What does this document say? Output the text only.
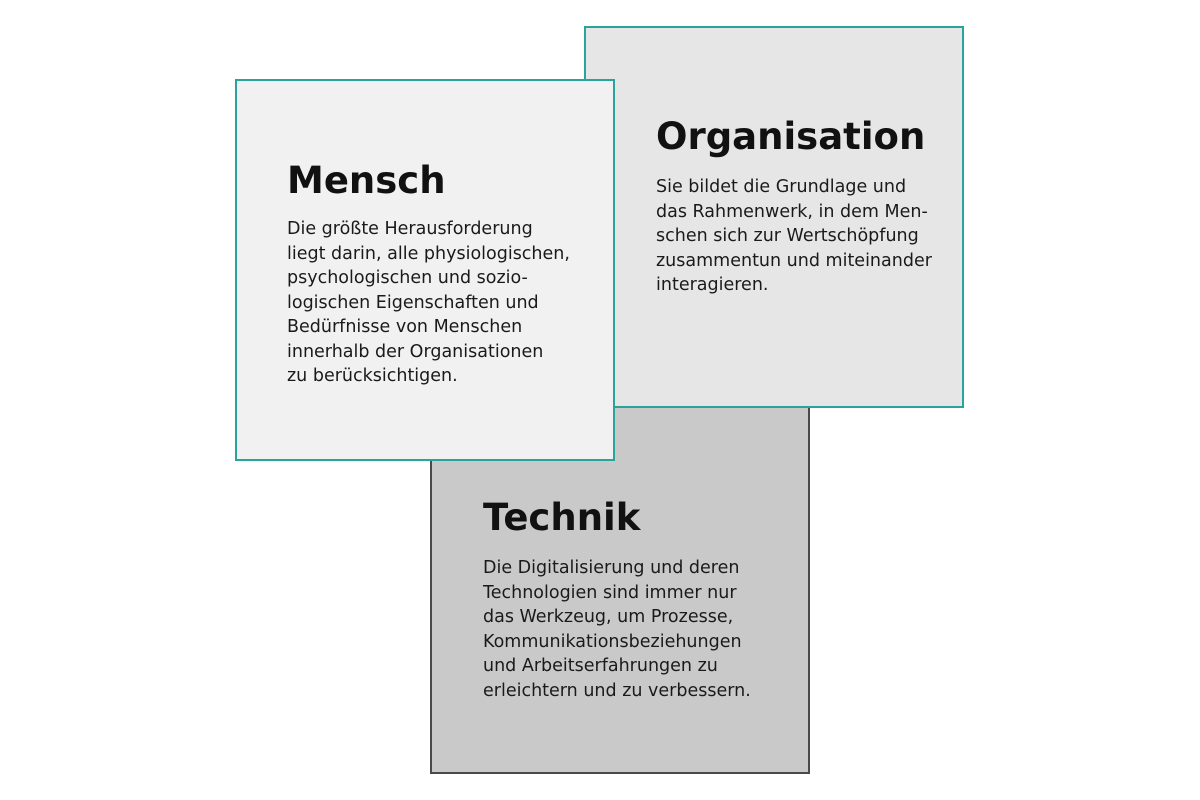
Technik

Die Digitalisierung und deren
Technologien sind immer nur
das Werkzeug, um Prozesse,
Kommunikationsbeziehungen
und Arbeitserfahrungen zu
erleichtern und zu verbessern.

Organisation

Sie bildet die Grundlage und
das Rahmenwerk, in dem Men-
schen sich zur Wertschöpfung
zusammentun und miteinander
interagieren.

Mensch

Die größte Herausforderung
liegt darin, alle physiologischen,
psychologischen und sozio-
logischen Eigenschaften und
Bedürfnisse von Menschen
innerhalb der Organisationen
zu berücksichtigen.
